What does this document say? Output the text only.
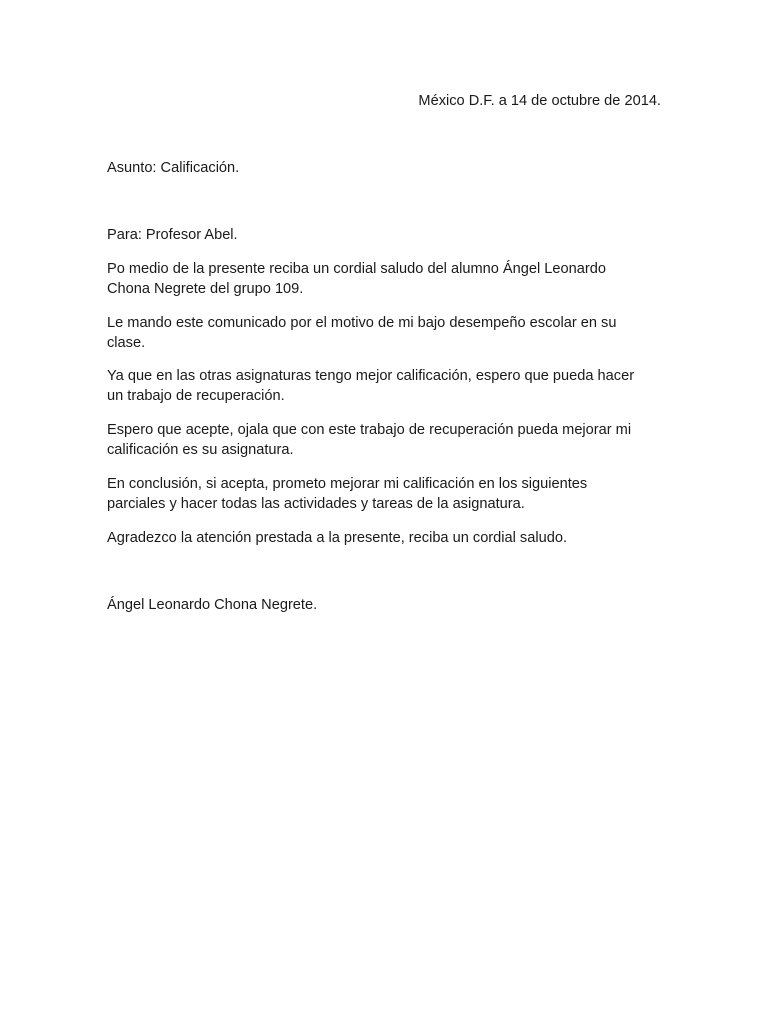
México D.F. a 14 de octubre de 2014.

Asunto: Calificación.

Para: Profesor Abel.

Po medio de la presente reciba un cordial saludo del alumno Ángel Leonardo

Chona Negrete del grupo 109.

Le mando este comunicado por el motivo de mi bajo desempeño escolar en su

clase.

Ya que en las otras asignaturas tengo mejor calificación, espero que pueda hacer

un trabajo de recuperación.

Espero que acepte, ojala que con este trabajo de recuperación pueda mejorar mi

calificación es su asignatura.

En conclusión, si acepta, prometo mejorar mi calificación en los siguientes

parciales y hacer todas las actividades y tareas de la asignatura.

Agradezco la atención prestada a la presente, reciba un cordial saludo.

Ángel Leonardo Chona Negrete.
